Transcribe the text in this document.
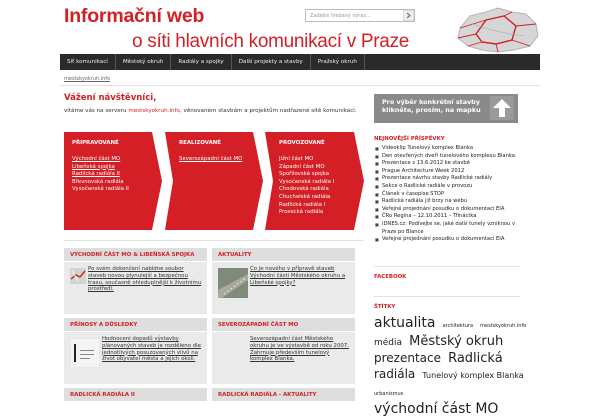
Informační web
o síti hlavních komunikací v Praze
Zadejte hledaný výraz...
Síť komunikací	Městský okruh	Radiály a spojky	Další projekty a stavby	Pražský okruh
mestskyokruh.info
Vážení návštěvníci,
vítáme vás na serveru mestskyokruh.info, věnovaném stavbám a projektům nadřazené sítě komunikací.
PŘIPRAVOVANÉ
Východní část MO
Libeňská spojka
Radlická radiála II
Břevnovská radiála
Vysočanská radiála II
REALIZOVANÉ
Severozápadní část MO
PROVOZOVANÉ
Jižní část MO
Západní část MO
Spořilovská spojka
Vysočanská radiála I
Chodovská radiála
Chuchelská radiála
Radlická radiála I
Prosecká radiála
VÝCHODNÍ ČÁST MO & LIBEŇSKÁ SPOJKA
Po svém dokončení nabídne soubor staveb novou plynulejší a bezpečnou trasu, současně ohleduplnější k životnímu prostředí.
AKTUALITY
Co je nového v přípravě staveb Východní části Městského okruhu a Libeňské spojky?
PŘÍNOSY A DŮSLEDKY
Hodnocení dopadů výstavby plánovaných staveb je rozděleno dle jednotlivých posuzovaných vlivů na život obyvatel města a jejich okolí.
SEVEROZÁPADNÍ ČÁST MO
Severozápadní část Městského okruhu je ve výstavbě od roku 2007. Zahrnuje především tunelový komplex Blanka.
RADLICKÁ RADIÁLA II	RADLICKÁ RADIÁLA - AKTUALITY
Pro výběr konkrétní stavby
klikněte, prosím, na mapku
NEJNOVĚJŠÍ PŘÍSPĚVKY
■ Videoklip Tunelový komplex Blanka
■ Den otevřených dveří tunelového komplexu Blanka
■ Prezentace z 13.6.2012 ke stavbě
■ Prague Architecture Week 2012
■ Prezentace návrhu stavby Radlické radiály
■ Sekce o Radlické radiále v provozu
■ Článek v časopise STOP
■ Radlická radiála již brzy na webu
■ Veřejné projednání posudku o dokumentaci EIA
■ ČRo Regina – 12.10.2011 – Třináctka
■ iDNES.cz: Podívejte se, jaké další tunely vzniknou v Praze po Blance
■ Veřejné projednání posudku o dokumentaci EIA
FACEBOOK
ŠTÍTKY
aktualita architektura mestskyokruh.info média Městský okruh prezentace Radlická radiála Tunelový komplex Blanka urbanismus východní část MO
